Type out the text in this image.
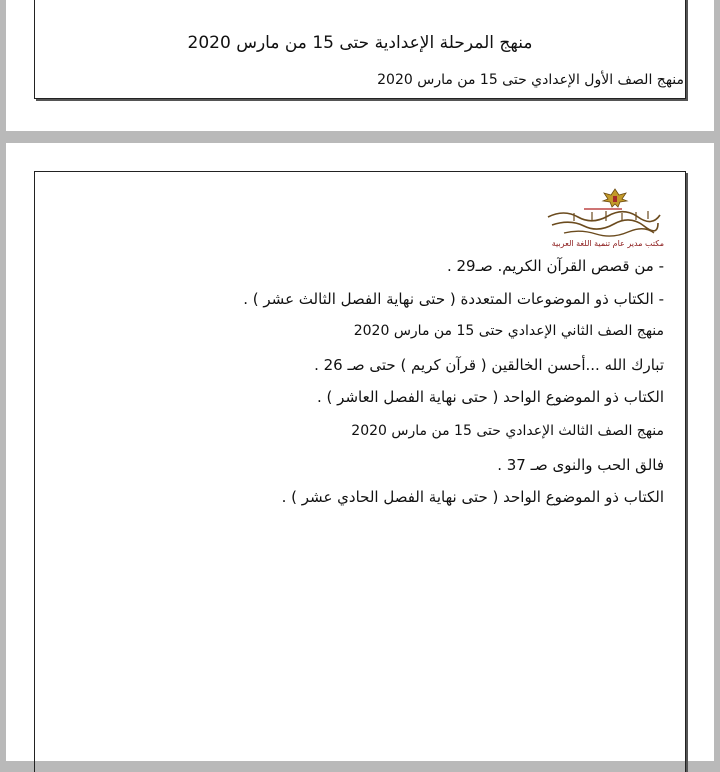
منهج المرحلة الإعدادية حتى 15 من مارس 2020

منهج الصف الأول الإعدادي حتى 15 من مارس 2020

مكتب مدير عام تنمية اللغة العربية

- من قصص القرآن الكريم. صـ29 .

- الكتاب ذو الموضوعات المتعددة ( حتى نهاية الفصل الثالث عشر ) .

منهج الصف الثاني الإعدادي حتى 15 من مارس 2020

تبارك الله ...أحسن الخالقين ( قرآن كريم ) حتى صـ 26 .

الكتاب ذو الموضوع الواحد ( حتى نهاية الفصل العاشر ) .

منهج الصف الثالث الإعدادي حتى 15 من مارس 2020

فالق الحب والنوى صـ 37 .

الكتاب ذو الموضوع الواحد ( حتى نهاية الفصل الحادي عشر ) .
